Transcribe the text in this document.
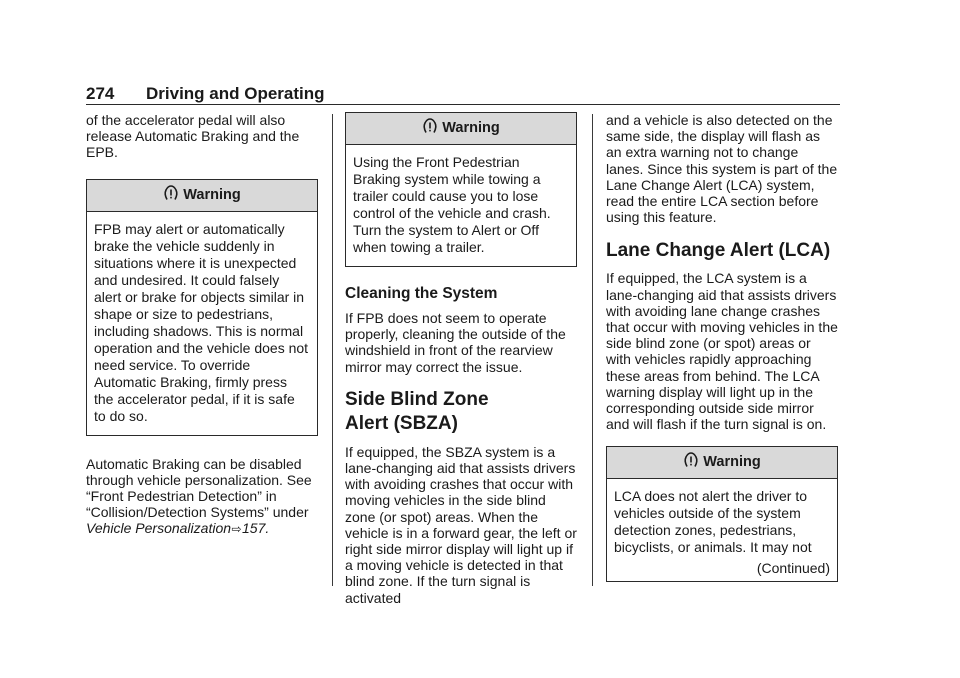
274 Driving and Operating

of the accelerator pedal will also release Automatic Braking and the EPB.

Warning
FPB may alert or automatically brake the vehicle suddenly in situations where it is unexpected and undesired. It could falsely alert or brake for objects similar in shape or size to pedestrians, including shadows. This is normal operation and the vehicle does not need service. To override Automatic Braking, firmly press the accelerator pedal, if it is safe to do so.

Automatic Braking can be disabled through vehicle personalization. See “Front Pedestrian Detection” in “Collision/Detection Systems” under Vehicle Personalization⇨157.

Warning
Using the Front Pedestrian Braking system while towing a trailer could cause you to lose control of the vehicle and crash. Turn the system to Alert or Off when towing a trailer.
Cleaning the System

If FPB does not seem to operate properly, cleaning the outside of the windshield in front of the rearview mirror may correct the issue.

Side Blind Zone
Alert (SBZA)

If equipped, the SBZA system is a lane-changing aid that assists drivers with avoiding crashes that occur with moving vehicles in the side blind zone (or spot) areas. When the vehicle is in a forward gear, the left or right side mirror display will light up if a moving vehicle is detected in that blind zone. If the turn signal is activated

and a vehicle is also detected on the same side, the display will flash as an extra warning not to change lanes. Since this system is part of the Lane Change Alert (LCA) system, read the entire LCA section before using this feature.

Lane Change Alert (LCA)

If equipped, the LCA system is a lane-changing aid that assists drivers with avoiding lane change crashes that occur with moving vehicles in the side blind zone (or spot) areas or with vehicles rapidly approaching these areas from behind. The LCA warning display will light up in the corresponding outside side mirror and will flash if the turn signal is on.

Warning
LCA does not alert the driver to vehicles outside of the system detection zones, pedestrians, bicyclists, or animals. It may not
(Continued)
